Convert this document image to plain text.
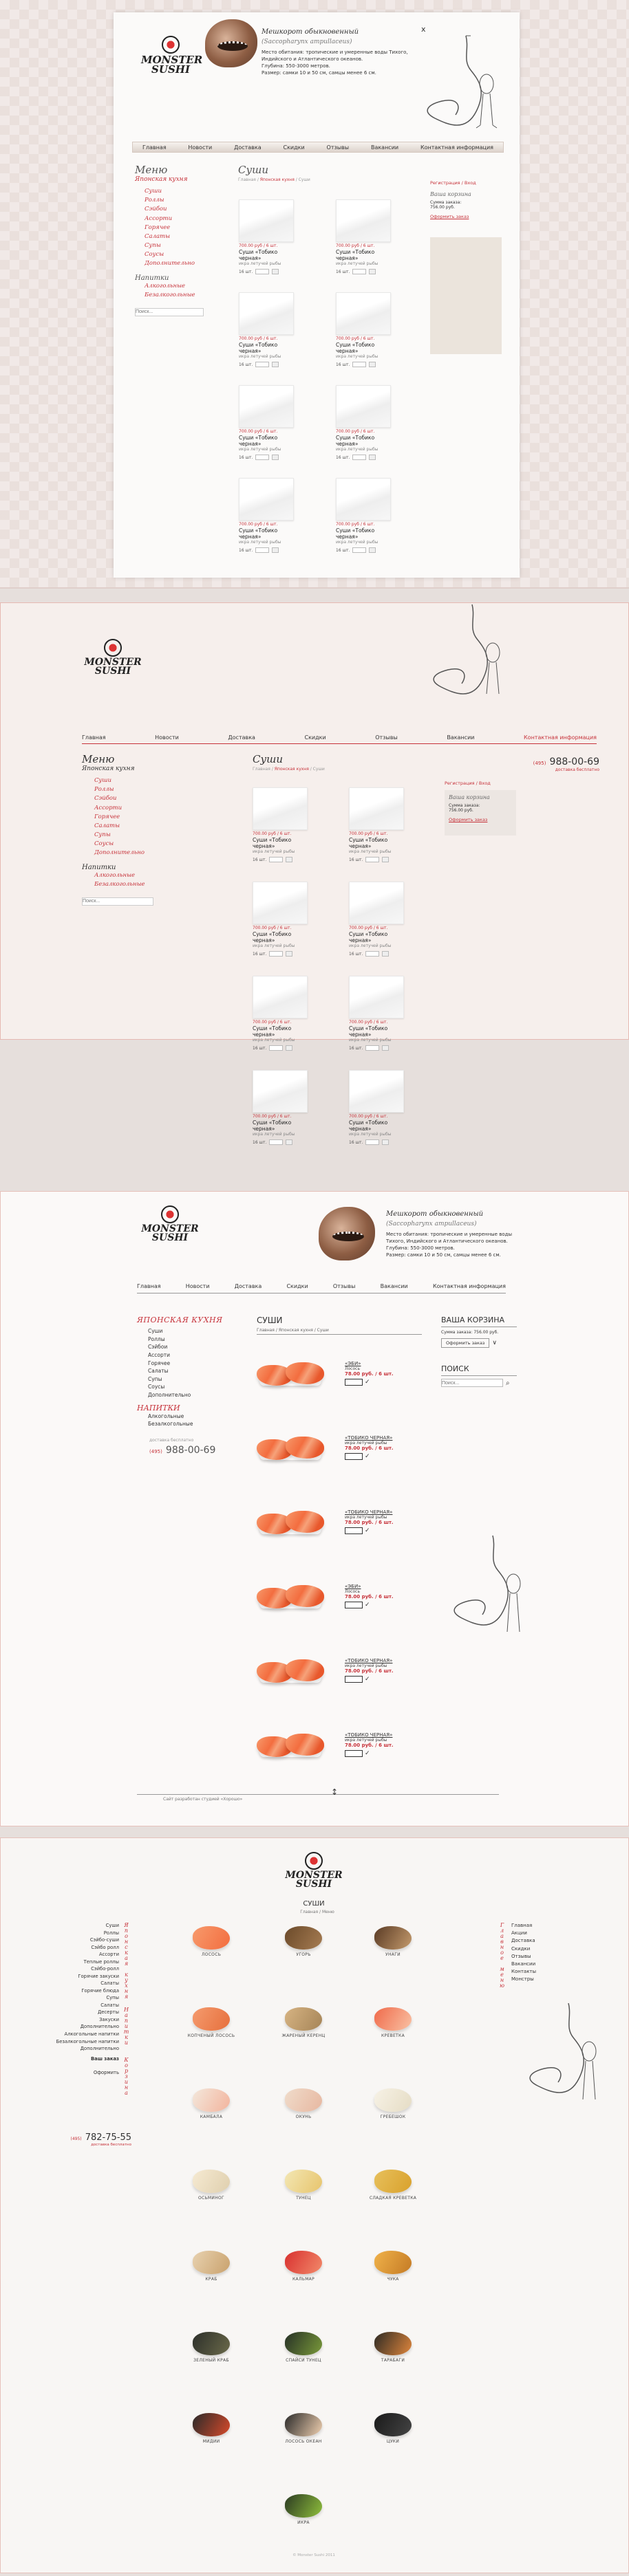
MONSTER
SUSHI
Мешкорот обыкновенный
(Saccopharynx ampullaceus)
Место обитания: тропические и умеренные воды Тихого, Индийского и Атлантического океанов.
Глубина: 550-3000 метров.
Размер: самки 10 и 50 см, самцы менее 6 см.
x
Главная	Новости	Доставка	Скидки	Отзывы	Вакансии	Контактная информация
Меню
Японская кухня
Суши
Роллы
Сэйбои
Ассорти
Горячее
Салаты
Супы
Соусы
Дополнительно
Напитки
Алкогольные
Безалкогольные
Поиск...
Суши
Главная / Японская кухня / Суши
Регистрация / Вход
Ваша корзина
Сумма заказа:
756.00 руб.
Оформить заказ
700.00 руб / 6 шт.
Суши «Тобико черная»
икра летучей рыбы
16 шт.
700.00 руб / 6 шт.
Суши «Тобико черная»
икра летучей рыбы
16 шт.
700.00 руб / 6 шт.
Суши «Тобико черная»
икра летучей рыбы
16 шт.
700.00 руб / 6 шт.
Суши «Тобико черная»
икра летучей рыбы
16 шт.
700.00 руб / 6 шт.
Суши «Тобико черная»
икра летучей рыбы
16 шт.
700.00 руб / 6 шт.
Суши «Тобико черная»
икра летучей рыбы
16 шт.
700.00 руб / 6 шт.
Суши «Тобико черная»
икра летучей рыбы
16 шт.
700.00 руб / 6 шт.
Суши «Тобико черная»
икра летучей рыбы
16 шт.
MONSTER
SUSHI
Главная	Новости	Доставка	Скидки	Отзывы	Вакансии	Контактная информация
Меню
Японская кухня
Суши
Роллы
Сэйбои
Ассорти
Горячее
Салаты
Супы
Соусы
Дополнительно
Напитки
Алкогольные
Безалкогольные
Поиск...
Суши
Главная / Японская кухня / Суши
(495) 988-00-69
доставка бесплатно
Регистрация / Вход
Ваша корзина
Сумма заказа:
756.00 руб.
Оформить заказ
700.00 руб / 6 шт.
Суши «Тобико черная»
икра летучей рыбы
16 шт.
700.00 руб / 6 шт.
Суши «Тобико черная»
икра летучей рыбы
16 шт.
700.00 руб / 6 шт.
Суши «Тобико черная»
икра летучей рыбы
16 шт.
700.00 руб / 6 шт.
Суши «Тобико черная»
икра летучей рыбы
16 шт.
700.00 руб / 6 шт.
Суши «Тобико черная»
икра летучей рыбы
16 шт.
700.00 руб / 6 шт.
Суши «Тобико черная»
икра летучей рыбы
16 шт.
700.00 руб / 6 шт.
Суши «Тобико черная»
икра летучей рыбы
16 шт.
700.00 руб / 6 шт.
Суши «Тобико черная»
икра летучей рыбы
16 шт.
MONSTER
SUSHI
Мешкорот обыкновенный
(Saccopharynx ampullaceus)
Место обитания: тропические и умеренные воды Тихого, Индийского и Атлантического океанов.
Глубина: 550-3000 метров.
Размер: самки 10 и 50 см, самцы менее 6 см.
Главная	Новости	Доставка	Скидки	Отзывы	Вакансии	Контактная информация
ЯПОНСКАЯ КУХНЯ
Суши
Роллы
Сэйбои
Ассорти
Горячее
Салаты
Супы
Соусы
Дополнительно
НАПИТКИ
Алкогольные
Безалкогольные
доставка бесплатно
(495) 988-00-69
СУШИ
Главная / Японская кухня / Суши
ВАША КОРЗИНА
Сумма заказа: 756.00 руб.
Оформить заказ	∨
ПОИСК
Поиск...
⌕
«ЭБИ»
Лосось
78.00 руб. / 6 шт.
✓
«ТОБИКО ЧЕРНАЯ»
икра летучей рыбы
78.00 руб. / 6 шт.
✓
«ТОБИКО ЧЕРНАЯ»
икра летучей рыбы
78.00 руб. / 6 шт.
✓
«ЭБИ»
Лосось
78.00 руб. / 6 шт.
✓
«ТОБИКО ЧЕРНАЯ»
икра летучей рыбы
78.00 руб. / 6 шт.
✓
«ТОБИКО ЧЕРНАЯ»
икра летучей рыбы
78.00 руб. / 6 шт.
✓
Сайт разработан студией «Хорошо»
↕
MONSTER
SUSHI
СУШИ
Главная / Меню
Суши
Роллы
Сэйбо-суши
Сэйбо ролл
Ассорти
Теплые роллы
Сэйбо-ролл
Горячие закуски
Салаты
Горячие блюда
Супы
Салаты
Десерты
Закуски
Дополнительно
Алкогольные напитки
Безалкогольные напитки
Дополнительно
Ваш заказ
Оформить
Японская кухня
Напитки
Корзина
(495) 782-75-55
доставка бесплатно
Главное меню Главная
Акции
Доставка
Скидки
Отзывы
Вакансии
Контакты
Монстры
ЛОСОСЬ	УГОРЬ	УНАГИ
КОПЧЕНЫЙ ЛОСОСЬ	ЖАРЕНЫЙ КЕРЕНЦ	КРЕВЕТКА
КАМБАЛА	ОКУНЬ	ГРЕБЕШОК
ОСЬМИНОГ	ТУНЕЦ	СЛАДКАЯ КРЕВЕТКА
КРАБ	КАЛЬМАР	ЧУКА
ЗЕЛЕНЫЙ КРАБ	СПАЙСИ ТУНЕЦ	ТАРАБАГИ
МИДИИ	ЛОСОСЬ ОКЕАН	ЦУКИ
ИКРА
© Monster Sushi 2011
